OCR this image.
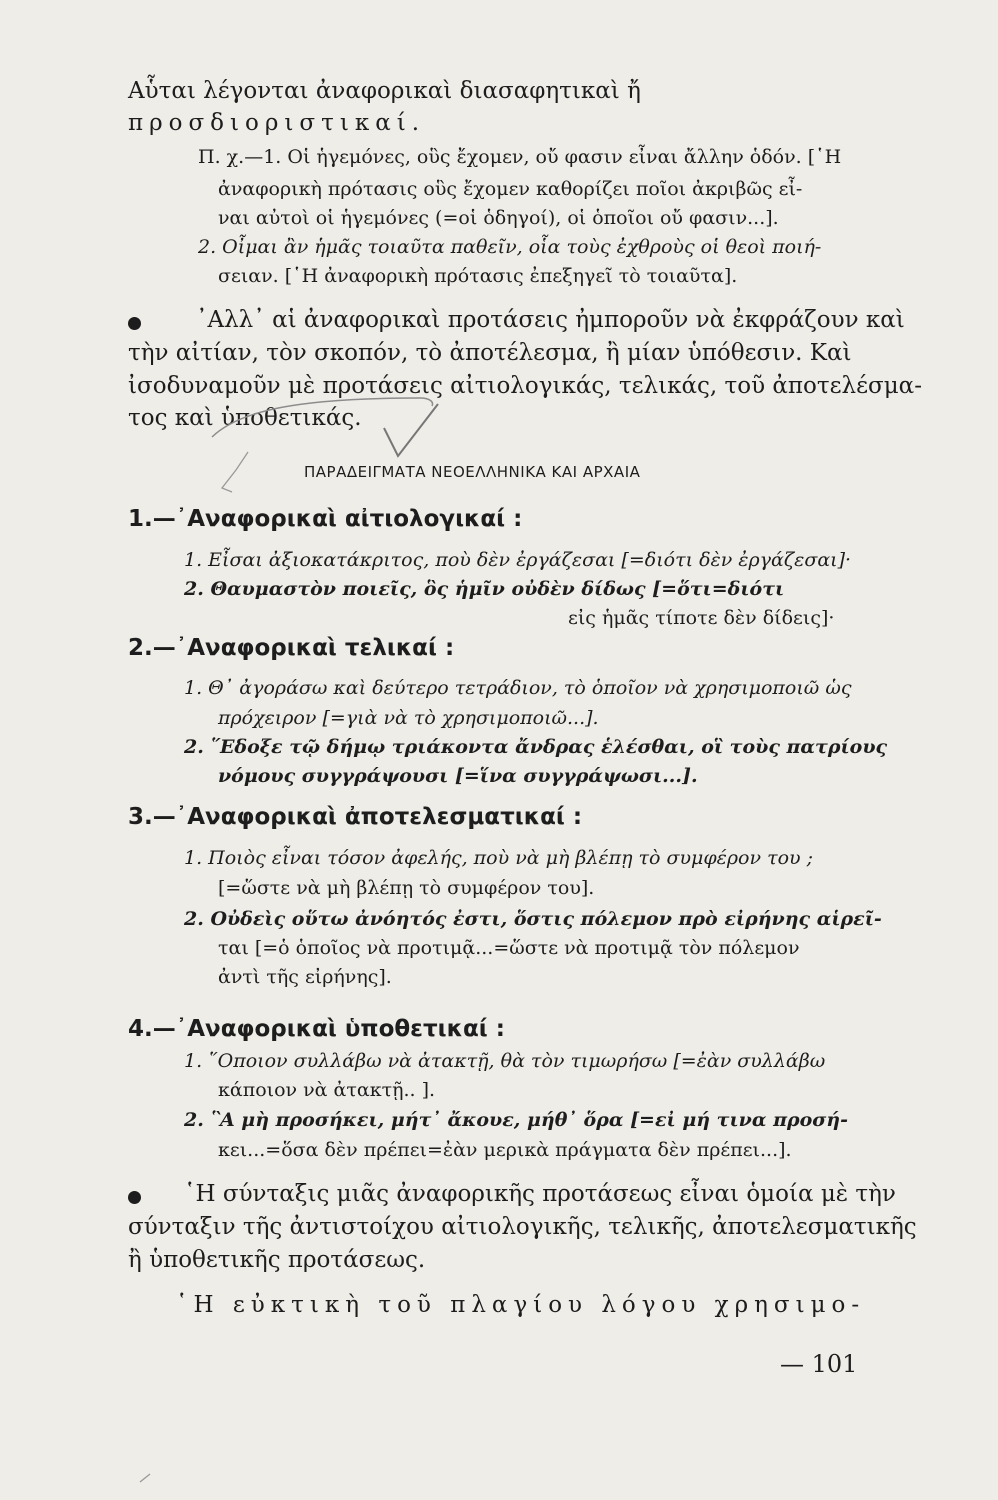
Αὗται λέγονται ἀναφορικαὶ διασαφητικαὶ ἤ
προσδιοριστικαί.
Π. χ.—1. Οἱ ἡγεμόνες, οὓς ἔχομεν, οὔ φασιν εἶναι ἄλλην ὁδόν. [῾Η
ἀναφορικὴ πρότασις οὓς ἔχομεν καθορίζει ποῖοι ἀκριβῶς εἶ-
ναι αὐτοὶ οἱ ἡγεμόνες (=οἱ ὁδηγοί), οἱ ὁποῖοι οὔ φασιν...].
2. Οἶμαι ἂν ἡμᾶς τοιαῦτα παθεῖν, οἷα τοὺς ἐχθροὺς οἱ θεοὶ ποιή-
σειαν. [῾Η ἀναφορικὴ πρότασις ἐπεξηγεῖ τὸ τοιαῦτα].
᾿Αλλ᾿ αἱ ἀναφορικαὶ προτάσεις ἠμποροῦν νὰ ἐκφράζουν καὶ
τὴν αἰτίαν, τὸν σκοπόν, τὸ ἀποτέλεσμα, ἢ μίαν ὑπόθεσιν. Καὶ
ἰσοδυναμοῦν μὲ προτάσεις αἰτιολογικάς, τελικάς, τοῦ ἀποτελέσμα-
τος καὶ ὑποθετικάς.
ΠΑΡΑΔΕΙΓΜΑΤΑ ΝΕΟΕΛΛΗΝΙΚΑ ΚΑΙ ΑΡΧΑΙΑ
1.—᾿Αναφορικαὶ αἰτιολογικαί :
1. Εἶσαι ἀξιοκατάκριτος, ποὺ δὲν ἐργάζεσαι [=διότι δὲν ἐργάζεσαι]·
2. Θαυμαστὸν ποιεῖς, ὃς ἡμῖν οὐδὲν δίδως [=ὅτι=διότι
εἰς ἡμᾶς τίποτε δὲν δίδεις]·
2.—᾿Αναφορικαὶ τελικαί :
1. Θ᾿ ἀγοράσω καὶ δεύτερο τετράδιον, τὸ ὁποῖον νὰ χρησιμοποιῶ ὡς
πρόχειρον [=γιὰ νὰ τὸ χρησιμοποιῶ...].
2. ῞Εδοξε τῷ δήμῳ τριάκοντα ἄνδρας ἑλέσθαι, οἳ τοὺς πατρίους
νόμους συγγράψουσι [=ἵνα συγγράψωσι...].
3.—᾿Αναφορικαὶ ἀποτελεσματικαί :
1. Ποιὸς εἶναι τόσον ἀφελής, ποὺ νὰ μὴ βλέπῃ τὸ συμφέρον του ;
[=ὥστε νὰ μὴ βλέπῃ τὸ συμφέρον του].
2. Οὐδεὶς οὕτω ἀνόητός ἐστι, ὅστις πόλεμον πρὸ εἰρήνης αἱρεῖ-
ται [=ὁ ὁποῖος νὰ προτιμᾷ...=ὥστε νὰ προτιμᾷ τὸν πόλεμον
ἀντὶ τῆς εἰρήνης].
4.—᾿Αναφορικαὶ ὑποθετικαί :
1. ῞Οποιον συλλάβω νὰ ἀτακτῇ, θὰ τὸν τιμωρήσω [=ἐὰν συλλάβω
κάποιον νὰ ἀτακτῇ.. ].
2. ῝Α μὴ προσήκει, μήτ᾿ ἄκουε, μήθ᾿ ὅρα [=εἰ μή τινα προσή-
κει...=ὅσα δὲν πρέπει=ἐὰν μερικὰ πράγματα δὲν πρέπει...].
῾Η σύνταξις μιᾶς ἀναφορικῆς προτάσεως εἶναι ὁμοία μὲ τὴν
σύνταξιν τῆς ἀντιστοίχου αἰτιολογικῆς, τελικῆς, ἀποτελεσματικῆς
ἢ ὑποθετικῆς προτάσεως.
῾Η εὐκτικὴ τοῦ πλαγίου λόγου χρησιμο-
— 101
